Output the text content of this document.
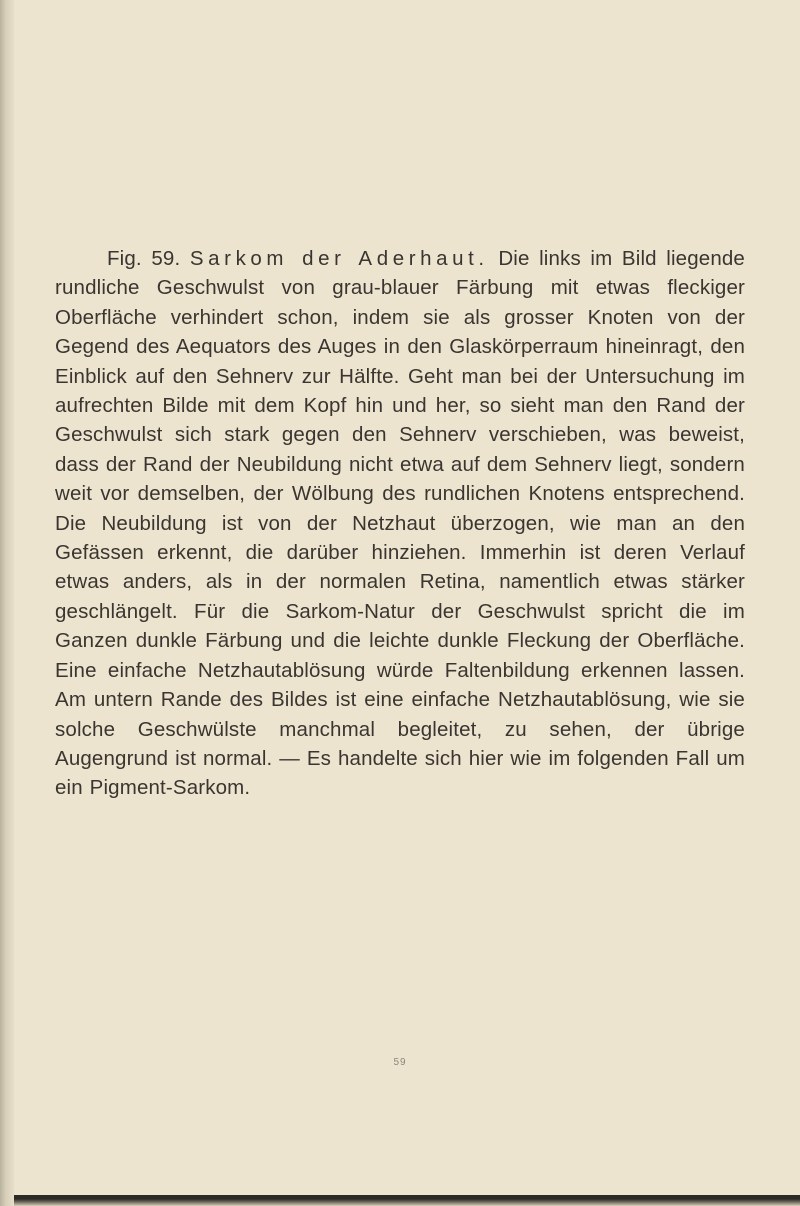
Fig. 59. Sarkom der Aderhaut. Die links im Bild liegende rundliche Geschwulst von grau-blauer Färbung mit etwas fleckiger Oberfläche verhindert schon, indem sie als grosser Knoten von der Gegend des Aequators des Auges in den Glaskörperraum hineinragt, den Einblick auf den Sehnerv zur Hälfte. Geht man bei der Untersuchung im aufrechten Bilde mit dem Kopf hin und her, so sieht man den Rand der Geschwulst sich stark gegen den Sehnerv verschieben, was beweist, dass der Rand der Neubildung nicht etwa auf dem Sehnerv liegt, sondern weit vor demselben, der Wölbung des rundlichen Knotens entsprechend. Die Neubildung ist von der Netzhaut überzogen, wie man an den Gefässen erkennt, die darüber hinziehen. Immerhin ist deren Verlauf etwas anders, als in der normalen Retina, namentlich etwas stärker geschlängelt. Für die Sarkom-Natur der Geschwulst spricht die im Ganzen dunkle Färbung und die leichte dunkle Fleckung der Oberfläche. Eine einfache Netzhautablösung würde Faltenbildung erkennen lassen. Am untern Rande des Bildes ist eine einfache Netzhautablösung, wie sie solche Geschwülste manchmal begleitet, zu sehen, der übrige Augengrund ist normal. — Es handelte sich hier wie im folgenden Fall um ein Pigment-Sarkom.

59
